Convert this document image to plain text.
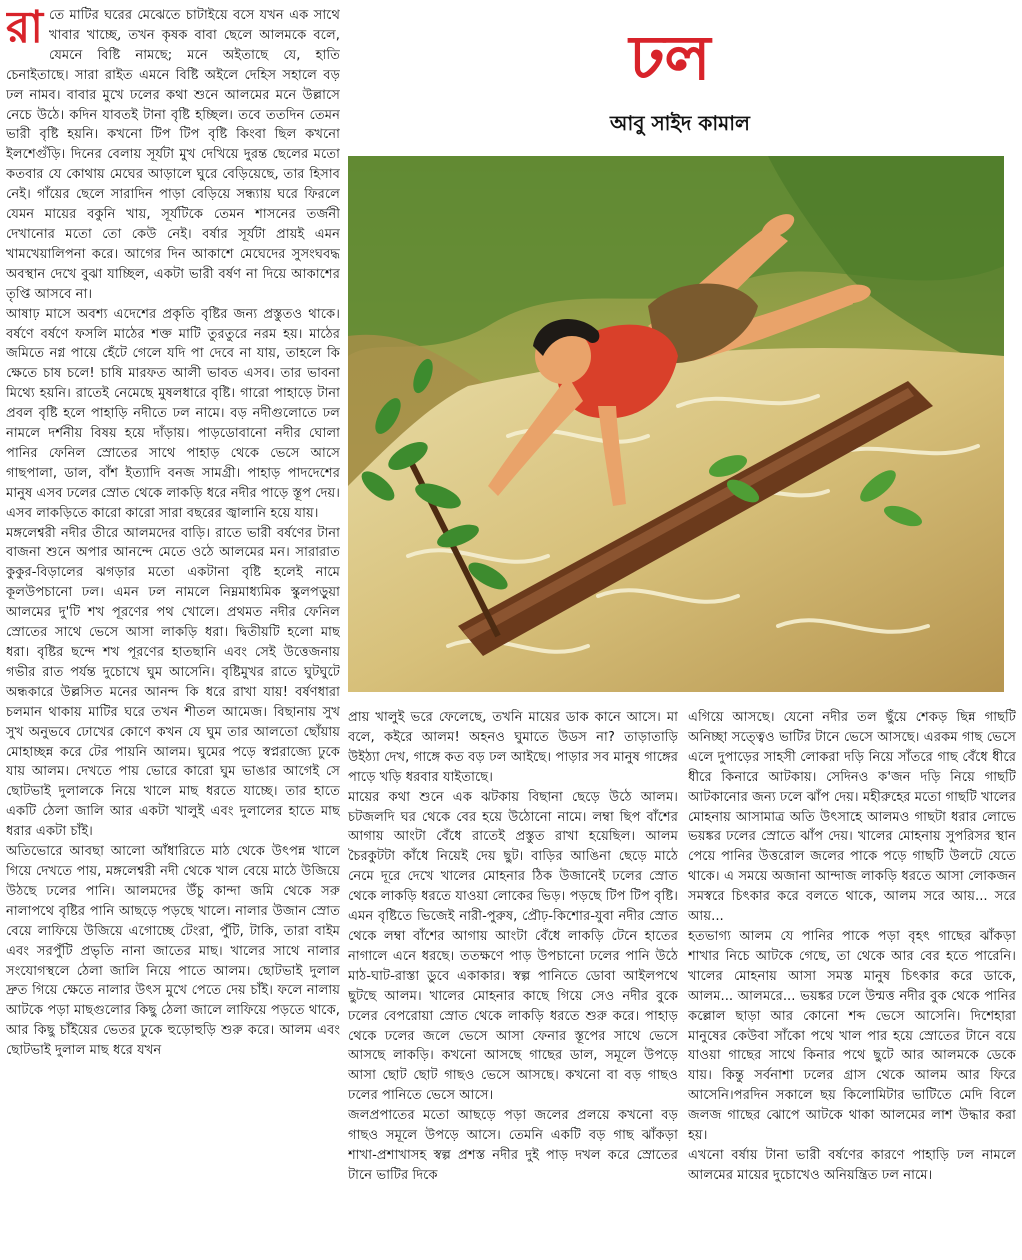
রাতে মাটির ঘরের মেঝেতে চাটাইয়ে বসে যখন এক সাথে খাবার খাচ্ছে, তখন কৃষক বাবা ছেলে আলমকে বলে, যেমনে বিষ্টি নামছে; মনে অইতাছে যে, হাতি চেনাইতাছে। সারা রাইত এমনে বিষ্টি অইলে দেহিস সহালে বড় ঢল নামব। বাবার মুখে ঢলের কথা শুনে আলমের মনে উল্লাসে নেচে উঠে। কদিন যাবতই টানা বৃষ্টি হচ্ছিল। তবে ততদিন তেমন ভারী বৃষ্টি হয়নি। কখনো টিপ টিপ বৃষ্টি কিংবা ছিল কখনো ইলশেগুঁড়ি। দিনের বেলায় সূর্যটা মুখ দেখিয়ে দুরন্ত ছেলের মতো কতবার যে কোথায় মেঘের আড়ালে ঘুরে বেড়িয়েছে, তার হিসাব নেই। গাঁয়ের ছেলে সারাদিন পাড়া বেড়িয়ে সন্ধ্যায় ঘরে ফিরলে যেমন মায়ের বকুনি খায়, সূর্যটিকে তেমন শাসনের তর্জনী দেখানোর মতো তো কেউ নেই। বর্ষার সূর্যটা প্রায়ই এমন খামখেয়ালিপনা করে। আগের দিন আকাশে মেঘেদের সুসংঘবদ্ধ অবস্থান দেখে বুঝা যাচ্ছিল, একটা ভারী বর্ষণ না দিয়ে আকাশের তৃপ্তি আসবে না।

আষাঢ় মাসে অবশ্য এদেশের প্রকৃতি বৃষ্টির জন্য প্রস্তুতও থাকে। বর্ষণে বর্ষণে ফসলি মাঠের শক্ত মাটি তুরতুরে নরম হয়। মাঠের জমিতে নগ্ন পায়ে হেঁটে গেলে যদি পা দেবে না যায়, তাহলে কি ক্ষেতে চাষ চলে! চাষি মারফত আলী ভাবত এসব। তার ভাবনা মিথ্যে হয়নি। রাতেই নেমেছে মুষলধারে বৃষ্টি। গারো পাহাড়ে টানা প্রবল বৃষ্টি হলে পাহাড়ি নদীতে ঢল নামে। বড় নদীগুলোতে ঢল নামলে দর্শনীয় বিষয় হয়ে দাঁড়ায়। পাড়ডোবানো নদীর ঘোলা পানির ফেনিল স্রোতের সাথে পাহাড় থেকে ভেসে আসে গাছপালা, ডাল, বাঁশ ইত্যাদি বনজ সামগ্রী। পাহাড় পাদদেশের মানুষ এসব ঢলের স্রোত থেকে লাকড়ি ধরে নদীর পাড়ে স্তূপ দেয়। এসব লাকড়িতে কারো কারো সারা বছরের জ্বালানি হয়ে যায়।

মঙ্গলেশ্বরী নদীর তীরে আলমদের বাড়ি। রাতে ভারী বর্ষণের টানা বাজনা শুনে অপার আনন্দে মেতে ওঠে আলমের মন। সারারাত কুকুর-বিড়ালের ঝগড়ার মতো একটানা বৃষ্টি হলেই নামে কূলউপচানো ঢল। এমন ঢল নামলে নিম্নমাধ্যমিক স্কুলপড়ুয়া আলমের দু'টি শখ পূরণের পথ খোলে। প্রথমত নদীর ফেনিল স্রোতের সাথে ভেসে আসা লাকড়ি ধরা। দ্বিতীয়টি হলো মাছ ধরা। বৃষ্টির ছন্দে শখ পূরণের হাতছানি এবং সেই উত্তেজনায় গভীর রাত পর্যন্ত দুচোখে ঘুম আসেনি। বৃষ্টিমুখর রাতে ঘুটঘুটে অন্ধকারে উল্লসিত মনের আনন্দ কি ধরে রাখা যায়! বর্ষণধারা চলমান থাকায় মাটির ঘরে তখন শীতল আমেজ। বিছানায় সুখ সুখ অনুভবে ঢোখের কোণে কখন যে ঘুম তার আলতো ছোঁয়ায় মোহাচ্ছন্ন করে টের পায়নি আলম। ঘুমের পড়ে স্বপ্নরাজ্যে ঢুকে যায় আলম। দেখতে পায় ভোরে কারো ঘুম ভাঙার আগেই সে ছোটভাই দুলালকে নিয়ে খালে মাছ ধরতে যাচ্ছে। তার হাতে একটি ঠেলা জালি আর একটা খালুই এবং দুলালের হাতে মাছ ধরার একটা চাঁই।

অতিভোরে আবছা আলো আঁধারিতে মাঠ থেকে উৎপন্ন খালে গিয়ে দেখতে পায়, মঙ্গলেশ্বরী নদী থেকে খাল বেয়ে মাঠে উজিয়ে উঠছে ঢলের পানি। আলমদের উঁচু কান্দা জমি থেকে সরু নালাপথে বৃষ্টির পানি আছড়ে পড়ছে খালে। নালার উজান স্রোত বেয়ে লাফিয়ে উজিয়ে এগোচ্ছে টেংরা, পুঁটি, টাকি, তারা বাইম এবং সরপুঁটি প্রভৃতি নানা জাতের মাছ। খালের সাথে নালার সংযোগস্থলে ঠেলা জালি নিয়ে পাতে আলম। ছোটভাই দুলাল দ্রুত গিয়ে ক্ষেতে নালার উৎস মুখে পেতে দেয় চাঁই। ফলে নালায় আটকে পড়া মাছগুলোর কিছু ঠেলা জালে লাফিয়ে পড়তে থাকে, আর কিছু চাঁইয়ের ভেতর ঢুকে হুড়োহুড়ি শুরু করে। আলম এবং ছোটভাই দুলাল মাছ ধরে যখন

ঢল
আবু সাইদ কামাল

প্রায় খালুই ভরে ফেলেছে, তখনি মায়ের ডাক কানে আসে। মা বলে, কইরে আলম! অহনও ঘুমাতে উডস না? তাড়াতাড়ি উইঠ্যা দেখ, গাঙ্গে কত বড় ঢল আইছে। পাড়ার সব মানুষ গাঙ্গের পাড়ে খড়ি ধরবার যাইতাছে।

মায়ের কথা শুনে এক ঝটকায় বিছানা ছেড়ে উঠে আলম। চটজলদি ঘর থেকে বের হয়ে উঠোনো নামে। লম্বা ছিপ বাঁশের আগায় আংটা বেঁধে রাতেই প্রস্তুত রাখা হয়েছিল। আলম চৈরকুটটা কাঁধে নিয়েই দেয় ছুট। বাড়ির আঙিনা ছেড়ে মাঠে নেমে দূরে দেখে খালের মোহনার ঠিক উজানেই ঢলের স্রোত থেকে লাকড়ি ধরতে যাওয়া লোকের ভিড়। পড়ছে টিপ টিপ বৃষ্টি। এমন বৃষ্টিতে ভিজেই নারী-পুরুষ, প্রৌঢ়-কিশোর-যুবা নদীর স্রোত থেকে লম্বা বাঁশের আগায় আংটা বেঁধে লাকড়ি টেনে হাতের নাগালে এনে ধরছে। ততক্ষণে পাড় উপচানো ঢলের পানি উঠে মাঠ-ঘাট-রাস্তা ডুবে একাকার। স্বল্প পানিতে ডোবা আইলপথে ছুটছে আলম। খালের মোহনার কাছে গিয়ে সেও নদীর বুকে ঢলের বেপরোয়া স্রোত থেকে লাকড়ি ধরতে শুরু করে। পাহাড় থেকে ঢলের জলে ভেসে আসা ফেনার স্তূপের সাথে ভেসে আসছে লাকড়ি। কখনো আসছে গাছের ডাল, সমূলে উপড়ে আসা ছোট ছোট গাছও ভেসে আসছে। কখনো বা বড় গাছও ঢলের পানিতে ভেসে আসে।

জলপ্রপাতের মতো আছড়ে পড়া জলের প্রলয়ে কখনো বড় গাছও সমূলে উপড়ে আসে। তেমনি একটি বড় গাছ ঝাঁকড়া শাখা-প্রশাখাসহ স্বল্প প্রশস্ত নদীর দুই পাড় দখল করে স্রোতের টানে ভাটির দিকে

এগিয়ে আসছে। যেনো নদীর তল ছুঁয়ে শেকড় ছিন্ন গাছটি অনিচ্ছা সত্ত্বেও ভাটির টানে ভেসে আসছে। এরকম গাছ ভেসে এলে দুপাড়ের সাহসী লোকরা দড়ি নিয়ে সাঁতরে গাছ বেঁধে ধীরে ধীরে কিনারে আটকায়। সেদিনও ক'জন দড়ি নিয়ে গাছটি আটকানোর জন্য ঢলে ঝাঁপ দেয়। মহীরুহের মতো গাছটি খালের মোহনায় আসামাত্র অতি উৎসাহে আলমও গাছটা ধরার লোভে ভয়ঙ্কর ঢলের স্রোতে ঝাঁপ দেয়। খালের মোহনায় সুপরিসর স্থান পেয়ে পানির উত্তরোল জলের পাকে পড়ে গাছটি উলটে যেতে থাকে। এ সময়ে অজানা আন্দাজ লাকড়ি ধরতে আসা লোকজন সমস্বরে চিৎকার করে বলতে থাকে, আলম সরে আয়... সরে আয়...

হতভাগ্য আলম যে পানির পাকে পড়া বৃহৎ গাছের ঝাঁকড়া শাখার নিচে আটকে গেছে, তা থেকে আর বের হতে পারেনি। খালের মোহনায় আসা সমস্ত মানুষ চিৎকার করে ডাকে, আলম... আলমরে... ভয়ঙ্কর ঢলে উন্মত্ত নদীর বুক থেকে পানির কল্লোল ছাড়া আর কোনো শব্দ ভেসে আসেনি। দিশেহারা মানুষের কেউবা সাঁকো পথে খাল পার হয়ে স্রোতের টানে বয়ে যাওয়া গাছের সাথে কিনার পথে ছুটে আর আলমকে ডেকে যায়। কিন্তু সর্বনাশা ঢলের গ্রাস থেকে আলম আর ফিরে আসেনি।পরদিন সকালে ছয় কিলোমিটার ভাটিতে মেদি বিলে জলজ গাছের ঝোপে আটকে থাকা আলমের লাশ উদ্ধার করা হয়।

এখনো বর্ষায় টানা ভারী বর্ষণের কারণে পাহাড়ি ঢল নামলে আলমের মায়ের দুচোখেও অনিয়ন্ত্রিত ঢল নামে।
